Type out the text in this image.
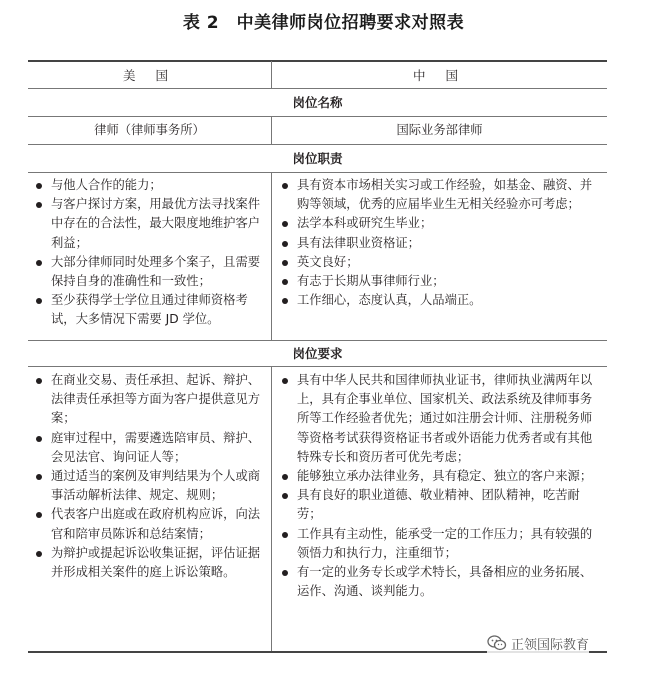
表 2　中美律师岗位招聘要求对照表
美 国	中 国
岗位名称
律师（律师事务所）	国际业务部律师
岗位职责
与他人合作的能力；
与客户探讨方案，用最优方法寻找案件中存在的合法性，最大限度地维护客户利益；
大部分律师同时处理多个案子，且需要保持自身的准确性和一致性；
至少获得学士学位且通过律师资格考试，大多情况下需要 JD 学位。
具有资本市场相关实习或工作经验，如基金、融资、并购等领域，优秀的应届毕业生无相关经验亦可考虑；
法学本科或研究生毕业；
具有法律职业资格证；
英文良好；
有志于长期从事律师行业；
工作细心，态度认真，人品端正。
岗位要求
在商业交易、责任承担、起诉、辩护、法律责任承担等方面为客户提供意见方案；
庭审过程中，需要遴选陪审员、辩护、会见法官、询问证人等；
通过适当的案例及审判结果为个人或商事活动解析法律、规定、规则；
代表客户出庭或在政府机构应诉，向法官和陪审员陈诉和总结案情；
为辩护或提起诉讼收集证据，评估证据并形成相关案件的庭上诉讼策略。
具有中华人民共和国律师执业证书，律师执业满两年以上，具有企事业单位、国家机关、政法系统及律师事务所等工作经验者优先；通过如注册会计师、注册税务师等资格考试获得资格证书者或外语能力优秀者或有其他特殊专长和资历者可优先考虑；
能够独立承办法律业务，具有稳定、独立的客户来源；
具有良好的职业道德、敬业精神、团队精神，吃苦耐劳；
工作具有主动性，能承受一定的工作压力；具有较强的领悟力和执行力，注重细节；
有一定的业务专长或学术特长，具备相应的业务拓展、运作、沟通、谈判能力。
正领国际教育
